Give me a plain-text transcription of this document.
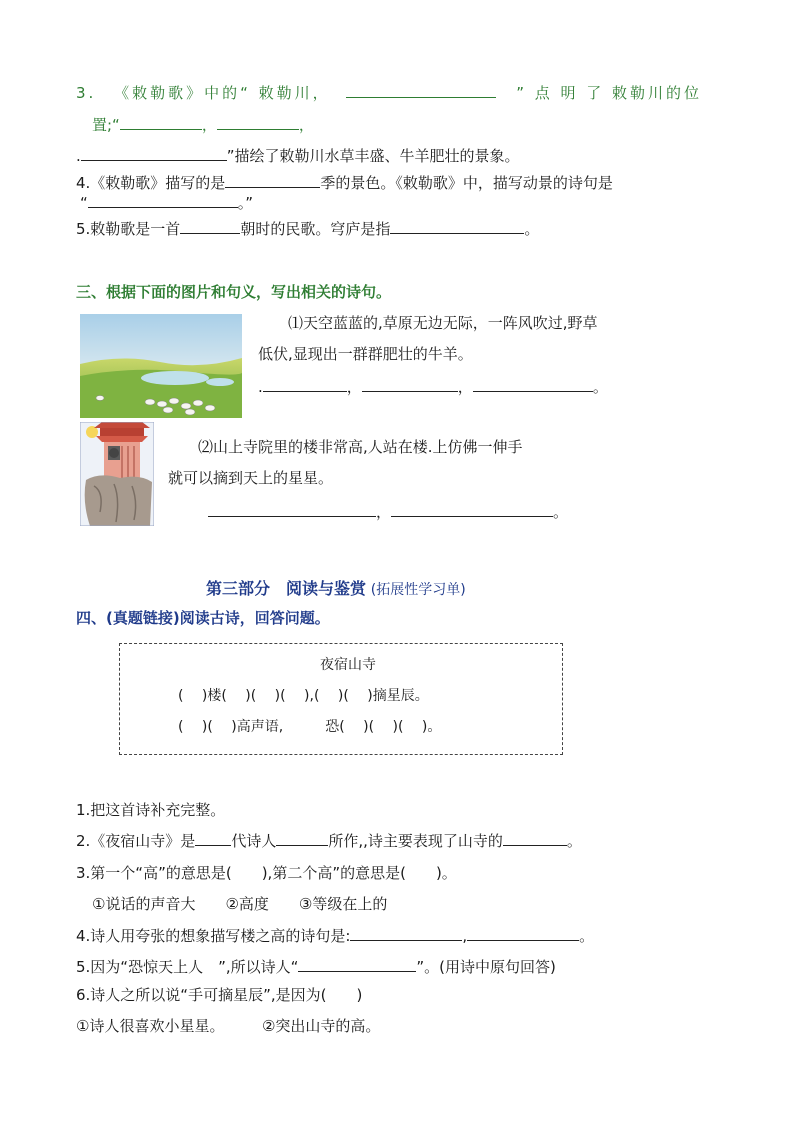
3. 《敕勒歌》中的“ 敕勒川，	” 点 明 了 敕勒川的位
置;“	，	，
.	”描绘了敕勒川水草丰盛、牛羊肥壮的景象。
4.《敕勒歌》描写的是	季的景色。《敕勒歌》中，描写动景的诗句是
“	。”
5.敕勒歌是一首	朝时的民歌。穹庐是指	。
三、根据下面的图片和句义，写出相关的诗句。
⑴天空蓝蓝的,草原无边无际，一阵风吹过,野草
低伏,显现出一群群肥壮的牛羊。
.	，	，	。
⑵山上寺院里的楼非常高,人站在楼.上仿佛一伸手
就可以摘到天上的星星。
，	。
第三部分　阅读与鉴赏 (拓展性学习单)
四、(真题链接)阅读古诗，回答问题。
夜宿山寺
(　 )楼(　 )(　 )(　 ),(　 )(　 )摘星辰。
(　 )(　 )高声语,　　　恐(　 )(　 )(　 )。
1.把这首诗补充完整。
2.《夜宿山寺》是 代诗人	所作,,诗主要表现了山寺的	。
3.第一个“高”的意思是(　　),第二个高”的意思是(　　)。
①说话的声音大　　②高度　　③等级在上的
4.诗人用夸张的想象描写楼之高的诗句是:	,	。
5.因为“恐惊天上人　”,所以诗人“	”。(用诗中原句回答)
6.诗人之所以说“手可摘星辰”,是因为(　　)
①诗人很喜欢小星星。　　　②突出山寺的高。
